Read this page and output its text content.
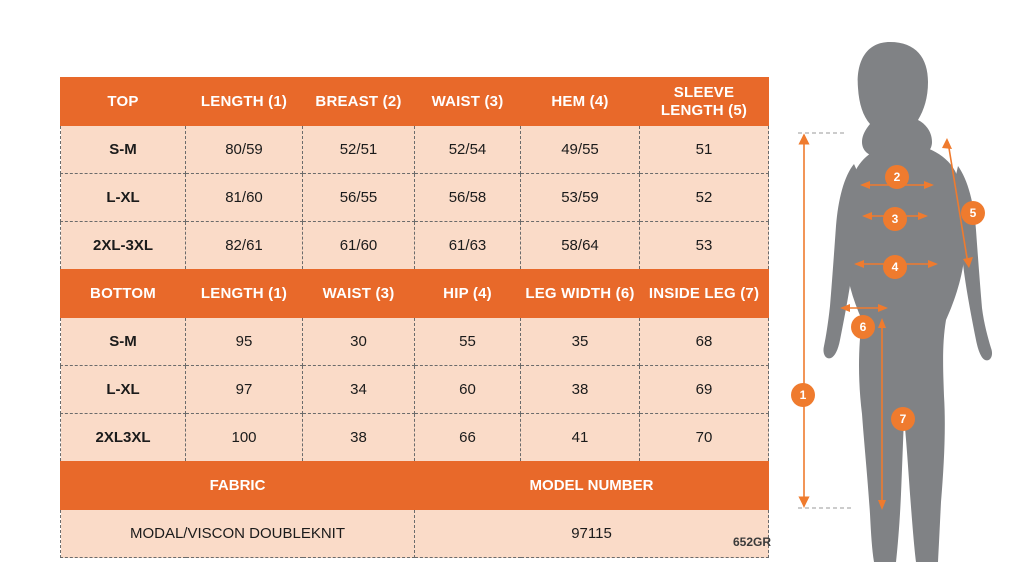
TOP	LENGTH (1)	BREAST (2)	WAIST (3)	HEM (4)	SLEEVE LENGTH (5)
S-M	80/59	52/51	52/54	49/55	51
L-XL	81/60	56/55	56/58	53/59	52
2XL-3XL	82/61	61/60	61/63	58/64	53
BOTTOM	LENGTH (1)	WAIST (3)	HIP (4)	LEG WIDTH (6)	INSIDE LEG (7)
S-M	95	30	55	35	68
L-XL	97	34	60	38	69
2XL3XL	100	38	66	41	70
FABRIC			MODEL NUMBER		
MODAL/VISCON DOUBLEKNIT			97115		
652GR
1
2
3
4
5
6
7
